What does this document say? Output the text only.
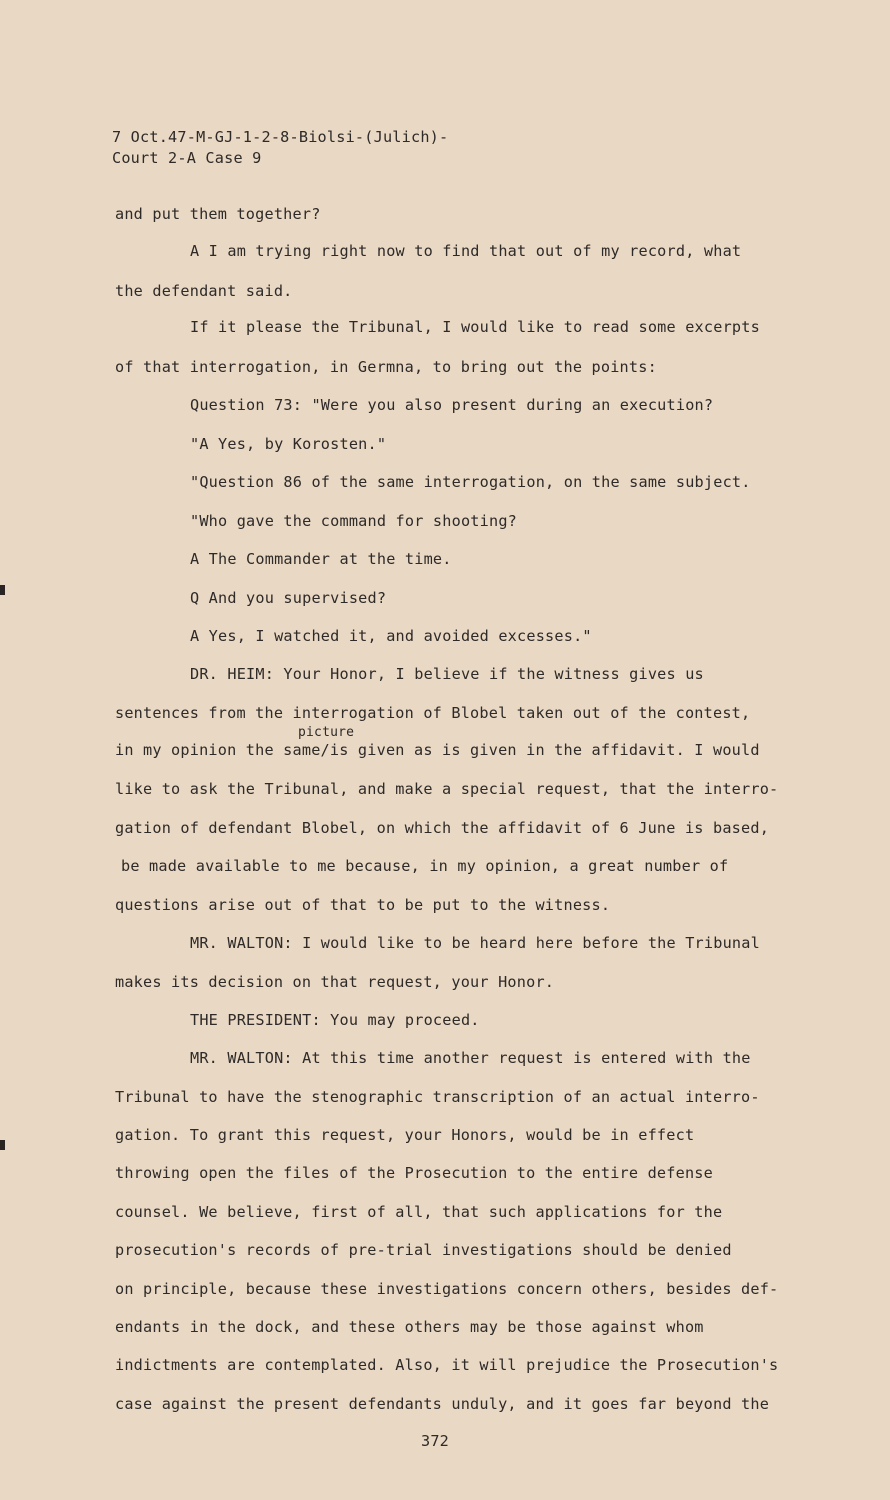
7 Oct.47-M-GJ-1-2-8-Biolsi-(Julich)-
Court 2-A Case 9
and put them together?
A I am trying right now to find that out of my record, what
the defendant said.
If it please the Tribunal, I would like to read some excerpts
of that interrogation, in Germna, to bring out the points:
Question 73: "Were you also present during an execution?
"A Yes, by Korosten."
"Question 86 of the same interrogation, on the same subject.
"Who gave the command for shooting?
A The Commander at the time.
Q And you supervised?
A Yes, I watched it, and avoided excesses."
DR. HEIM: Your Honor, I believe if the witness gives us
sentences from the interrogation of Blobel taken out of the contest,
picture
in my opinion the same/is given as is given in the affidavit. I would
like to ask the Tribunal, and make a special request, that the interro-
gation of defendant Blobel, on which the affidavit of 6 June is based,
be made available to me because, in my opinion, a great number of
questions arise out of that to be put to the witness.
MR. WALTON: I would like to be heard here before the Tribunal
makes its decision on that request, your Honor.
THE PRESIDENT: You may proceed.
MR. WALTON: At this time another request is entered with the
Tribunal to have the stenographic transcription of an actual interro-
gation. To grant this request, your Honors, would be in effect
throwing open the files of the Prosecution to the entire defense
counsel. We believe, first of all, that such applications for the
prosecution's records of pre-trial investigations should be denied
on principle, because these investigations concern others, besides def-
endants in the dock, and these others may be those against whom
indictments are contemplated. Also, it will prejudice the Prosecution's
case against the present defendants unduly, and it goes far beyond the
372
